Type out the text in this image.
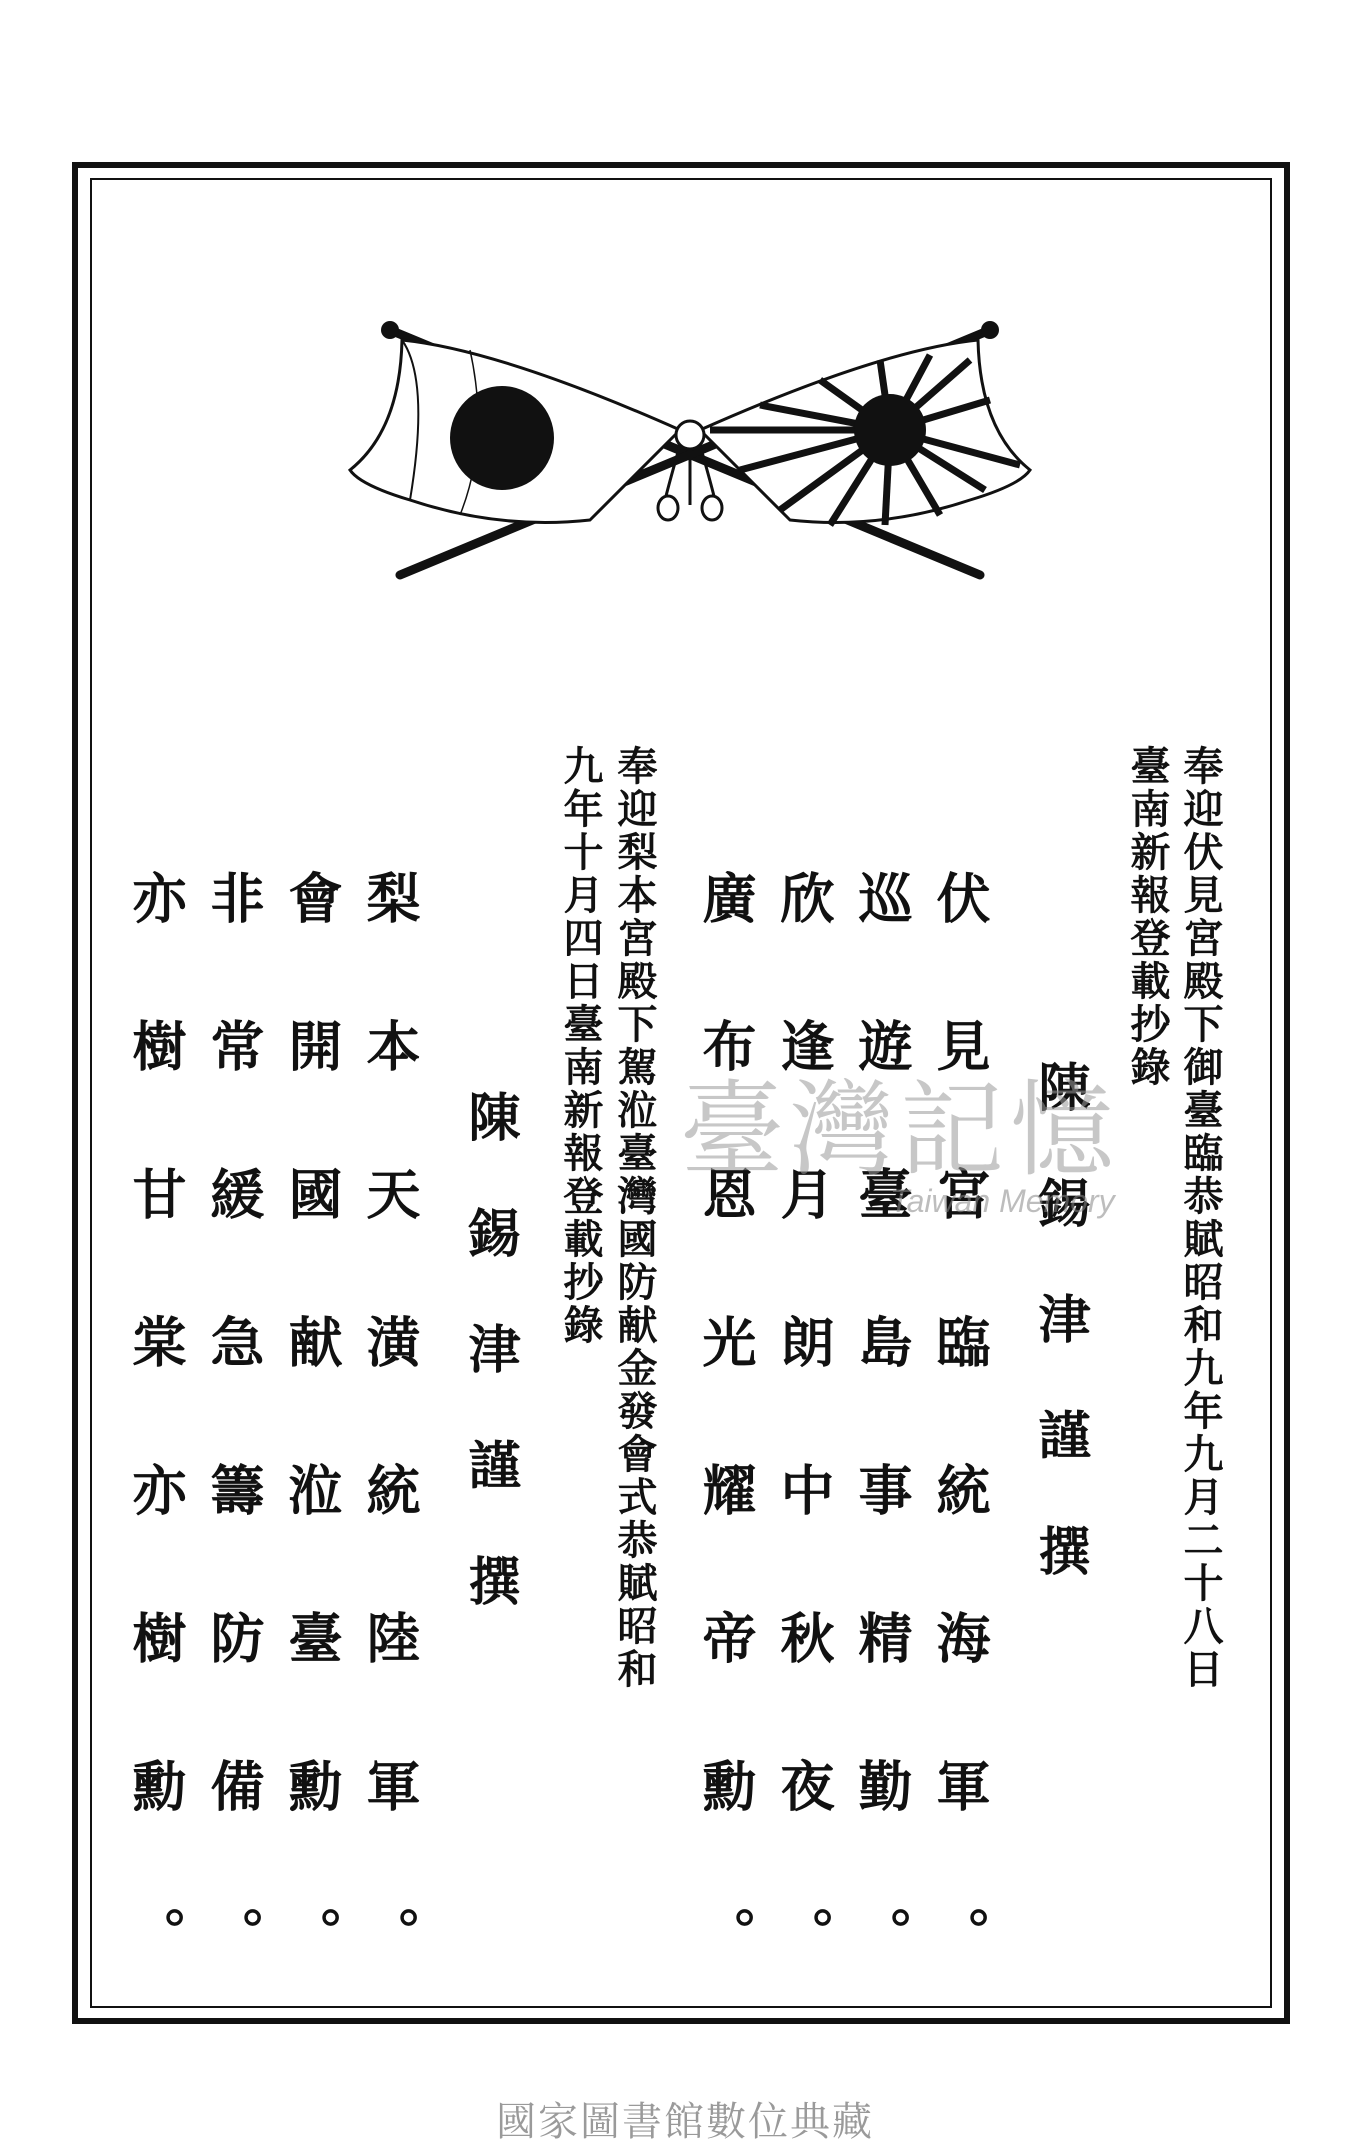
奉迎伏見宮殿下御臺臨恭賦昭和九年九月二十八日
臺南新報登載抄錄
陳錫津謹撰
伏見宮臨統海軍。
巡遊臺島事精勤。
欣逢月朗中秋夜。
廣布恩光耀帝勳。
奉迎梨本宮殿下駕涖臺灣國防献金發會式恭賦昭和
九年十月四日臺南新報登載抄錄
陳錫津謹撰
梨本天潢統陸軍。
會開國献涖臺勳。
非常緩急籌防備。
亦樹甘棠亦樹勳。	臺灣記憶
Taiwan Memory
國家圖書館數位典藏
